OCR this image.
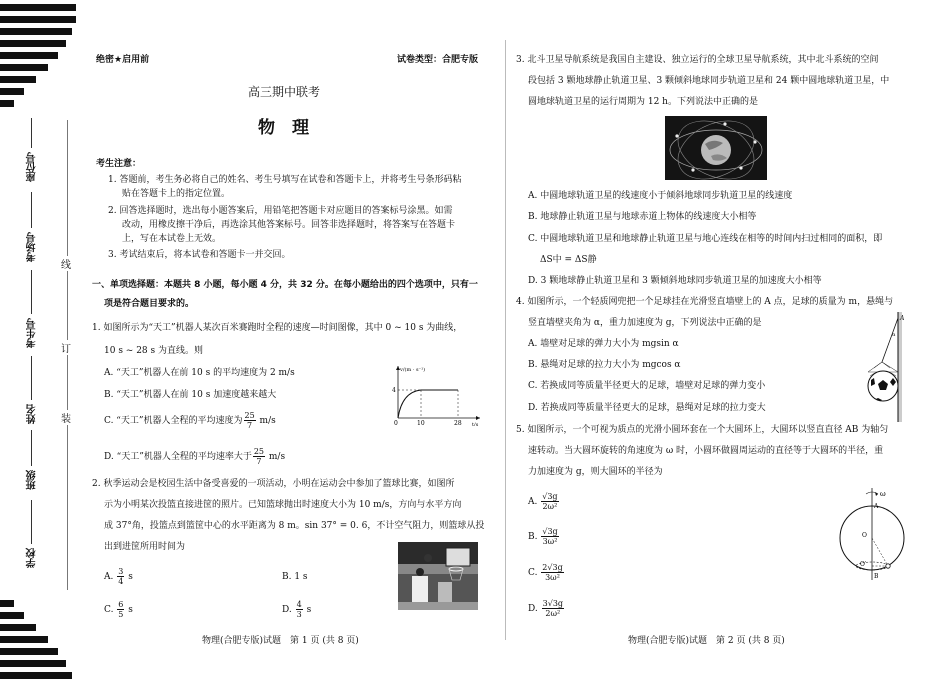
座位号
考场号
考生号
姓名
班级
学校
线
订
装
绝密★启用前	试卷类型：合肥专版
高三期中联考
物　理
考生注意：
1. 答题前，考生务必将自己的姓名、考生号填写在试卷和答题卡上，并将考生号条形码粘
贴在答题卡上的指定位置。
2. 回答选择题时，选出每小题答案后，用铅笔把答题卡对应题目的答案标号涂黑。如需
改动，用橡皮擦干净后，再选涂其他答案标号。回答非选择题时，将答案写在答题卡
上，写在本试卷上无效。
3. 考试结束后，将本试卷和答题卡一并交回。
一、单项选择题：本题共 8 小题，每小题 4 分，共 32 分。在每小题给出的四个选项中，只有一
项是符合题目要求的。
1. 如图所示为“天工”机器人某次百米赛跑时全程的速度—时间图像，其中 0 ~ 10 s 为曲线，
10 s ~ 28 s 为直线。则
A. “天工”机器人在前 10 s 的平均速度为 2 m/s
B. “天工”机器人在前 10 s 加速度越来越大
C. “天工”机器人全程的平均速度为 $\frac{25}{7} m/s$
D. “天工”机器人全程的平均速率大于 $\frac{25}{7} m/s$
v/(m · s⁻¹)
t/s
4
0	10	28
2. 秋季运动会是校园生活中备受喜爱的一项活动，小明在运动会中参加了篮球比赛，如图所
示为小明某次投篮直接进筐的照片。已知篮球抛出时速度大小为 10 m/s，方向与水平方向
成 37°角，投篮点到篮筐中心的水平距离为 8 m。sin 37° = 0. 6，不计空气阻力，则篮球从投
出到进筐所用时间为
A. $\frac{3}{4}$ s	B. 1 s
C. $\frac{6}{5}$ s	D. $\frac{4}{3}$ s
物理(合肥专版)试题　第 1 页 (共 8 页)
3. 北斗卫星导航系统是我国自主建设、独立运行的全球卫星导航系统，其中北斗系统的空间
段包括 3 颗地球静止轨道卫星、3 颗倾斜地球同步轨道卫星和 24 颗中圆地球轨道卫星，中
圆地球轨道卫星的运行周期为 12 h。下列说法中正确的是
A. 中圆地球轨道卫星的线速度小于倾斜地球同步轨道卫星的线速度
B. 地球静止轨道卫星与地球赤道上物体的线速度大小相等
C. 中圆地球轨道卫星和地球静止轨道卫星与地心连线在相等的时间内扫过相同的面积，即
ΔS中 = ΔS静
D. 3 颗地球静止轨道卫星和 3 颗倾斜地球同步轨道卫星的加速度大小相等
4. 如图所示，一个轻质网兜把一个足球挂在光滑竖直墙壁上的 A 点，足球的质量为 m，悬绳与
竖直墙壁夹角为 α，重力加速度为 g，下列说法中正确的是
A. 墙壁对足球的弹力大小为 mgsin α
B. 悬绳对足球的拉力大小为 mgcos α
C. 若换成同等质量半径更大的足球，墙壁对足球的弹力变小
D. 若换成同等质量半径更大的足球，悬绳对足球的拉力变大
A
α
5. 如图所示，一个可视为质点的光滑小圆环套在一个大圆环上，大圆环以竖直直径 AB 为轴匀
速转动。当大圆环旋转的角速度为 ω 时，小圆环做圆周运动的直径等于大圆环的半径，重
力加速度为 g，则大圆环的半径为
A. $\frac{√3g}{\text{2ω²}}$
B. $\frac{√3g}{\text{3ω²}}$
C. $\frac{2√3g}{\text{3ω²}}$
D. $\frac{3√3g}{\text{2ω²}}$
ω
A
O
O′
B
物理(合肥专版)试题　第 2 页 (共 8 页)
